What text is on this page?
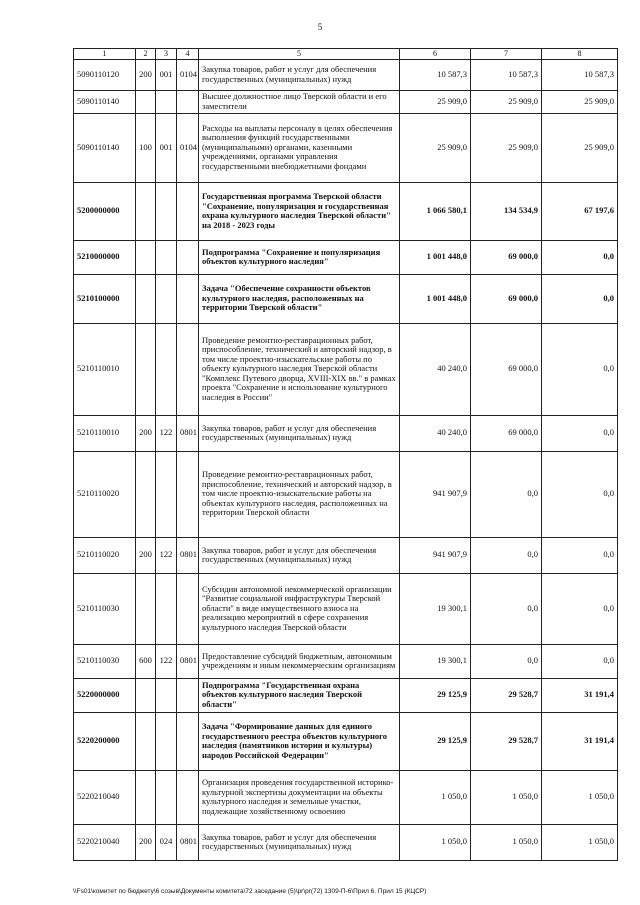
5
1	2	3	4	5	6	7	8
5090110120	200	001	0104	Закупка товаров, работ и услуг для обеспечения государственных (муниципальных) нужд	10 587,3	10 587,3	10 587,3
5090110140				Высшее должностное лицо Тверской области и его заместители	25 909,0	25 909,0	25 909,0
5090110140	100	001	0104	Расходы на выплаты персоналу в целях обеспечения выполнения функций государственными (муниципальными) органами, казенными учреждениями, органами управления государственными внебюджетными фондами	25 909,0	25 909,0	25 909,0
5200000000				Государственная программа Тверской области "Сохранение, популяризация и государственная охрана культурного наследия Тверской области" на 2018 - 2023 годы	1 066 580,1	134 534,9	67 197,6
5210000000				Подпрограмма "Сохранение и популяризация объектов культурного наследия"	1 001 448,0	69 000,0	0,0
5210100000				Задача "Обеспечение сохранности объектов культурного наследия, расположенных на территории Тверской области"	1 001 448,0	69 000,0	0,0
5210110010				Проведение ремонтно-реставрационных работ, приспособление, технический и авторский надзор, в том числе проектно-изыскательские работы по объекту культурного наследия Тверской области "Комплекс Путевого дворца, XVIII-XIX вв." в рамках проекта "Сохранение и использование культурного наследия в России"	40 240,0	69 000,0	0,0
5210110010	200	122	0801	Закупка товаров, работ и услуг для обеспечения государственных (муниципальных) нужд	40 240,0	69 000,0	0,0
5210110020				Проведение ремонтно-реставрационных работ, приспособление, технический и авторский надзор, в том числе проектно-изыскательские работы на объектах культурного наследия, расположенных на территории Тверской области	941 907,9	0,0	0,0
5210110020	200	122	0801	Закупка товаров, работ и услуг для обеспечения государственных (муниципальных) нужд	941 907,9	0,0	0,0
5210110030				Субсидии автономной некоммерческой организации "Развитие социальной инфраструктуры Тверской области" в виде имущественного взноса на реализацию мероприятий в сфере сохранения культурного наследия Тверской области	19 300,1	0,0	0,0
5210110030	600	122	0801	Предоставление субсидий бюджетным, автономным учреждениям и иным некоммерческим организациям	19 300,1	0,0	0,0
5220000000				Подпрограмма "Государственная охрана объектов культурного наследия Тверской области"	29 125,9	29 528,7	31 191,4
5220200000				Задача "Формирование данных для единого государственного реестра объектов культурного наследия (памятников истории и культуры) народов Российской Федерации"	29 125,9	29 528,7	31 191,4
5220210040				Организация проведения государственной историко-культурной экспертизы документации на объекты культурного наследия и земельные участки, подлежащие хозяйственному освоению	1 050,0	1 050,0	1 050,0
5220210040	200	024	0801	Закупка товаров, работ и услуг для обеспечения государственных (муниципальных) нужд	1 050,0	1 050,0	1 050,0
\\Fs01\комитет по бюджету\6 созыв\Документы комитета\72 заседание (5)\pr\pr(72) 1309-П-6\Прил 6. Прил 15 (КЦСР)
